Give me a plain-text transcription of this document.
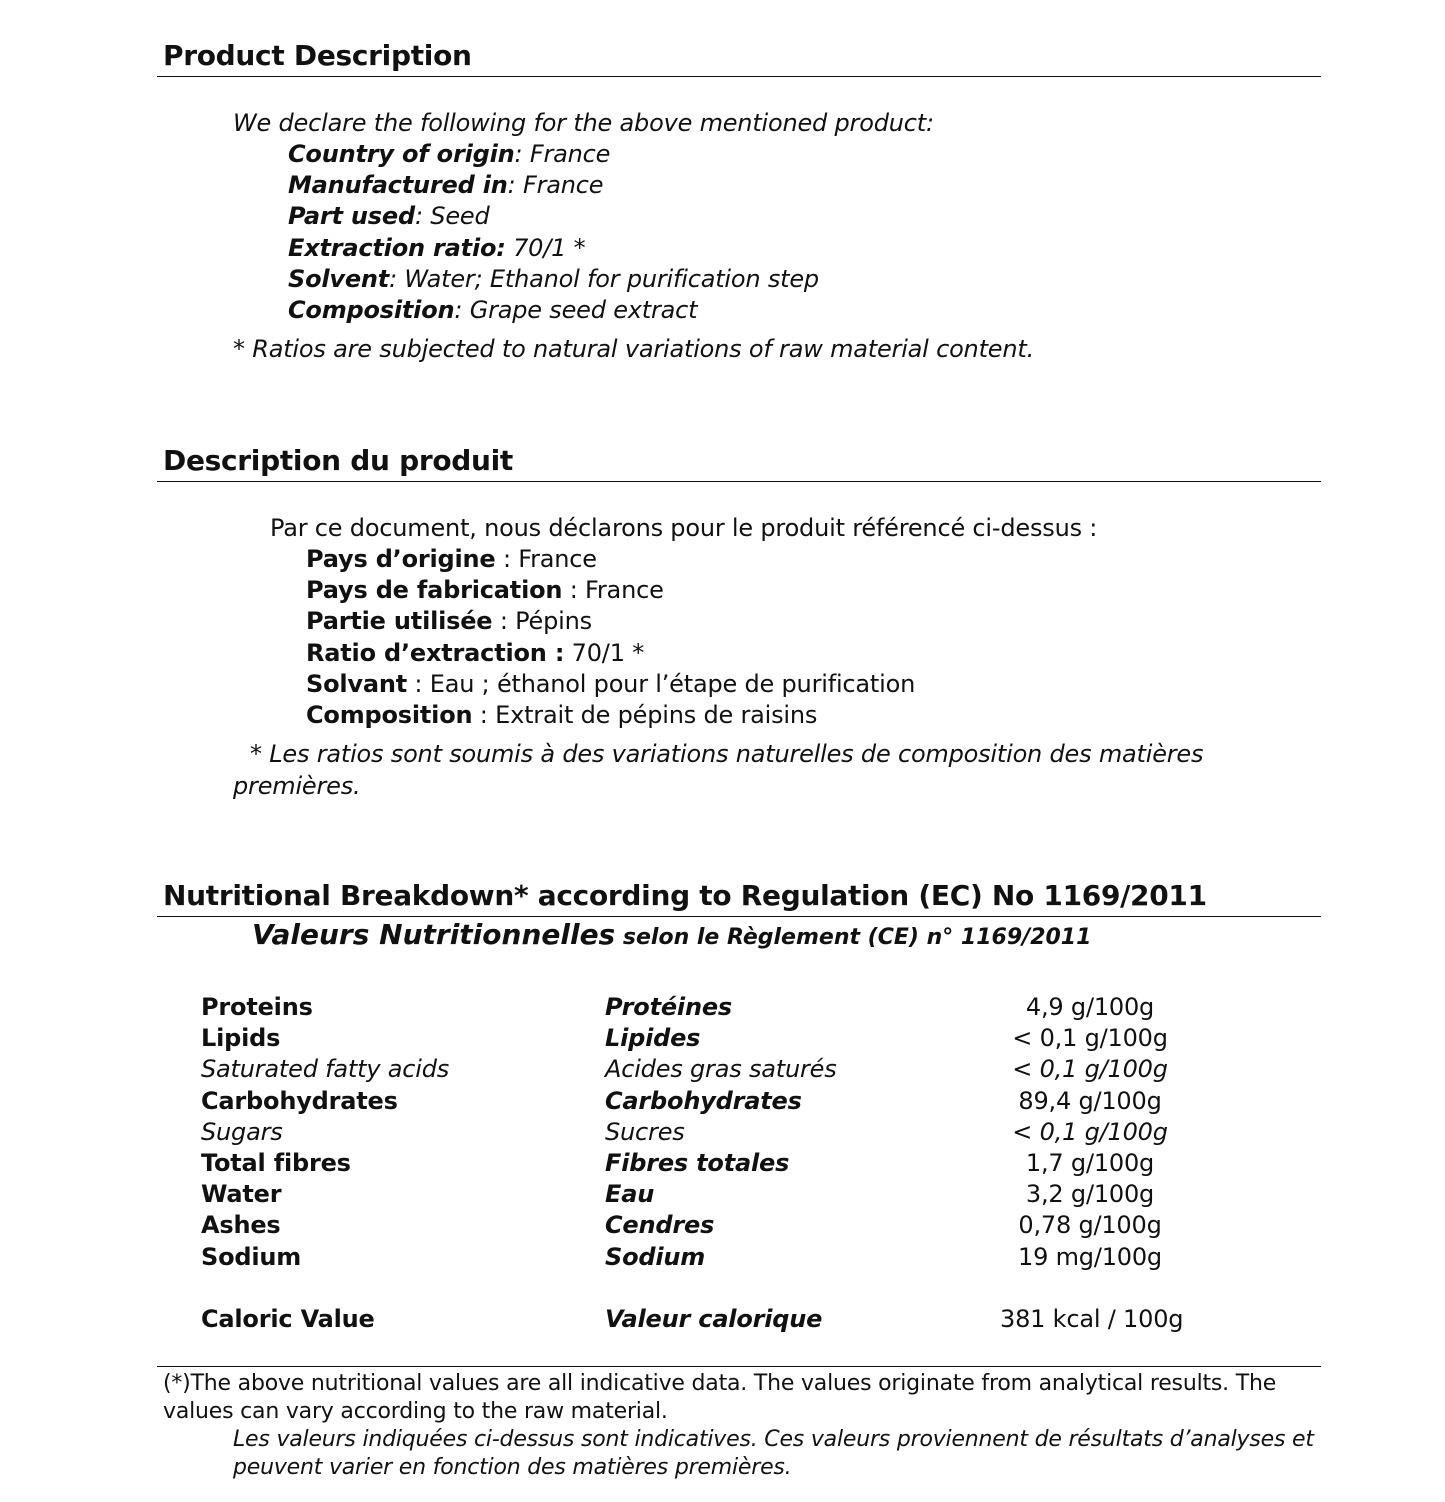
Product Description
We declare the following for the above mentioned product:
Country of origin: France
Manufactured in: France
Part used: Seed
Extraction ratio: 70/1 *
Solvent: Water; Ethanol for purification step
Composition: Grape seed extract
* Ratios are subjected to natural variations of raw material content.
Description du produit
Par ce document, nous déclarons pour le produit référencé ci-dessus :
Pays d’origine : France
Pays de fabrication : France
Partie utilisée : Pépins
Ratio d’extraction : 70/1 *
Solvant : Eau ; éthanol pour l’étape de purification
Composition : Extrait de pépins de raisins
* Les ratios sont soumis à des variations naturelles de composition des matières
premières.
Nutritional Breakdown* according to Regulation (EC) No 1169/2011
Valeurs Nutritionnelles selon le Règlement (CE) n° 1169/2011
Proteins	Protéines	4,9 g/100g
Lipids	Lipides	< 0,1 g/100g
Saturated fatty acids	Acides gras saturés	< 0,1 g/100g
Carbohydrates	Carbohydrates	89,4 g/100g
Sugars	Sucres	< 0,1 g/100g
Total fibres	Fibres totales	1,7 g/100g
Water	Eau	3,2 g/100g
Ashes	Cendres	0,78 g/100g
Sodium	Sodium	19 mg/100g
Caloric Value	Valeur calorique	381 kcal / 100g
(*)The above nutritional values are all indicative data. The values originate from analytical results. The
values can vary according to the raw material.
Les valeurs indiquées ci-dessus sont indicatives. Ces valeurs proviennent de résultats d’analyses et
peuvent varier en fonction des matières premières.
